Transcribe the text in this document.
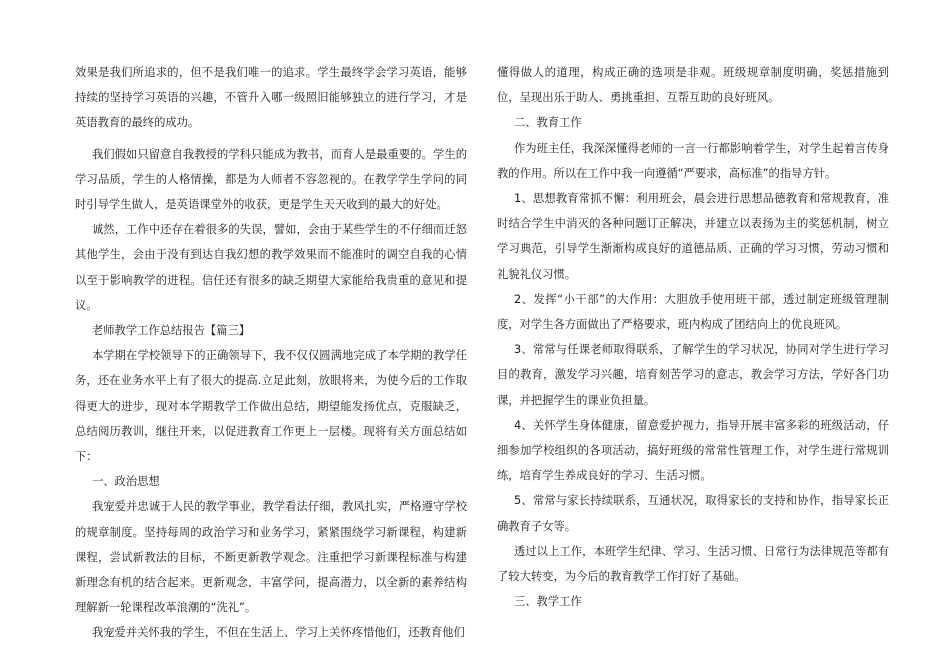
效果是我们所追求的，但不是我们唯一的追求。学生最终学会学习英语，能够持续的坚持学习英语的兴趣，不管升入哪一级照旧能够独立的进行学习，才是英语教育的最终的成功。

我们假如只留意自我教授的学科只能成为教书，而育人是最重要的。学生的学习品质，学生的人格情操，都是为人师者不容忽视的。在教学学生学问的同时引导学生做人，是英语课堂外的收获，更是学生天天收到的最大的好处。

诚然，工作中还存在着很多的失误，譬如，会由于某些学生的不仔细而迁怒其他学生，会由于没有到达自我幻想的教学效果而不能准时的调空自我的心情以至于影响教学的进程。信任还有很多的缺乏期望大家能给我贵重的意见和提议。

老师教学工作总结报告【篇三】

本学期在学校领导下的正确领导下，我不仅仅圆满地完成了本学期的教学任务，还在业务水平上有了很大的提高.立足此刻，放眼将来，为使今后的工作取得更大的进步，现对本学期教学工作做出总结，期望能发扬优点，克服缺乏，总结阅历教训，继往开来，以促进教育工作更上一层楼。现将有关方面总结如下：

一、政治思想

我宠爱并忠诚于人民的教学事业，教学看法仔细，教风扎实，严格遵守学校的规章制度。坚持每周的政治学习和业务学习，紧紧围绕学习新课程，构建新课程，尝试新教法的目标，不断更新教学观念。注重把学习新课程标准与构建新理念有机的结合起来。更新观念，丰富学问，提高潜力，以全新的素养结构理解新一轮课程改革浪潮的“洗礼”。

我宠爱并关怀我的学生，不但在生活上、学习上关怀疼惜他们，还教育他们

懂得做人的道理，构成正确的选项是非观。班级规章制度明确，奖惩措施到位，呈现出乐于助人、勇挑重担、互帮互助的良好班风。

二、教育工作

作为班主任，我深深懂得老师的一言一行都影响着学生，对学生起着言传身教的作用。所以在工作中我一向遵循“严要求，高标准”的指导方针。

1、思想教育常抓不懈：利用班会，晨会进行思想品德教育和常规教育，准时结合学生中消灭的各种问题订正解决，并建立以表扬为主的奖惩机制，树立学习典范，引导学生渐渐构成良好的道德品质、正确的学习习惯，劳动习惯和礼貌礼仪习惯。

2、发挥“小干部”的大作用：大胆放手使用班干部，透过制定班级管理制度，对学生各方面做出了严格要求，班内构成了团结向上的优良班风。

3、常常与任课老师取得联系，了解学生的学习状况，协同对学生进行学习目的教育，激发学习兴趣，培育刻苦学习的意志，教会学习方法，学好各门功课，并把握学生的课业负担量。

4、关怀学生身体健康，留意爱护视力，指导开展丰富多彩的班级活动，仔细参加学校组织的各项活动，搞好班级的常常性管理工作，对学生进行常规训练，培育学生养成良好的学习、生活习惯。

5、常常与家长持续联系，互通状况，取得家长的支持和协作，指导家长正确教育子女等。

透过以上工作，本班学生纪律、学习、生活习惯、日常行为法律规范等都有了较大转变，为今后的教育教学工作打好了基础。

三、教学工作
